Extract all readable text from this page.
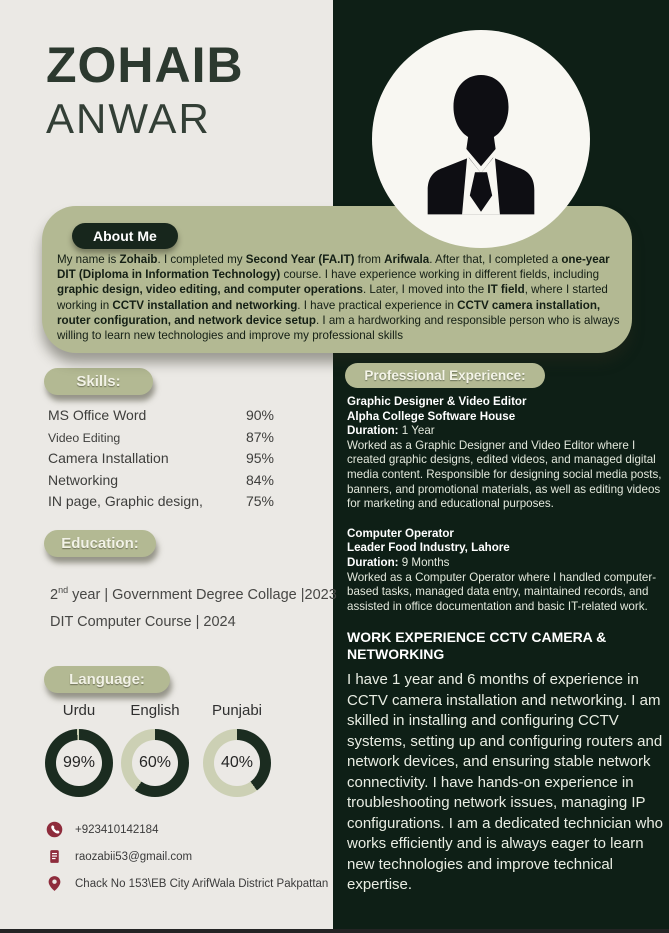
ZOHAIB
ANWAR
About Me
My name is Zohaib. I completed my Second Year (FA.IT) from Arifwala. After that, I completed a one-year DIT (Diploma in Information Technology) course. I have experience working in different fields, including graphic design, video editing, and computer operations. Later, I moved into the IT field, where I started working in CCTV installation and networking. I have practical experience in CCTV camera installation, router configuration, and network device setup. I am a hardworking and responsible person who is always willing to learn new technologies and improve my professional skills
Skills:
MS Office Word	90%
Video Editing	87%
Camera Installation	95%
Networking	84%
IN page, Graphic design,	75%
Education:
2nd year | Government Degree Collage |2023
DIT Computer Course | 2024
Language:
Urdu
99%
English
60%
Punjabi
40%
+923410142184
raozabii53@gmail.com
Chack No 153\EB City ArifWala District Pakpattan
Professional Experience:
Graphic Designer & Video Editor
Alpha College Software House
Duration: 1 Year
Worked as a Graphic Designer and Video Editor where I created graphic designs, edited videos, and managed digital media content. Responsible for designing social media posts, banners, and promotional materials, as well as editing videos for marketing and educational purposes.
Computer Operator
Leader Food Industry, Lahore
Duration: 9 Months
Worked as a Computer Operator where I handled computer-based tasks, managed data entry, maintained records, and assisted in office documentation and basic IT-related work.
WORK EXPERIENCE CCTV CAMERA & NETWORKING
I have 1 year and 6 months of experience in CCTV camera installation and networking. I am skilled in installing and configuring CCTV systems, setting up and configuring routers and network devices, and ensuring stable network connectivity. I have hands-on experience in troubleshooting network issues, managing IP configurations. I am a dedicated technician who works efficiently and is always eager to learn new technologies and improve technical expertise.
